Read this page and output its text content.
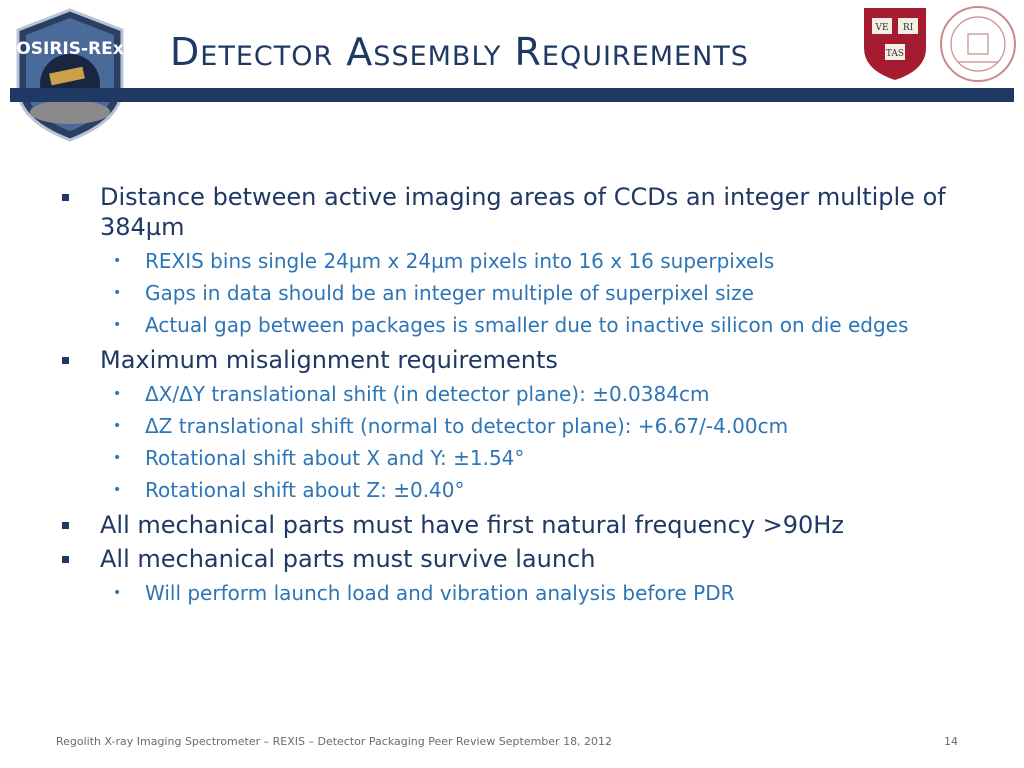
OSIRIS-REx Detector Assembly Requirements
VE RI
TAS
Distance between active imaging areas of CCDs an integer multiple of 384µm
• REXIS bins single 24µm x 24µm pixels into 16 x 16 superpixels
• Gaps in data should be an integer multiple of superpixel size
• Actual gap between packages is smaller due to inactive silicon on die edges
Maximum misalignment requirements
• ΔX/ΔY translational shift (in detector plane): ±0.0384cm
• ΔZ translational shift (normal to detector plane): +6.67/-4.00cm
• Rotational shift about X and Y: ±1.54°
• Rotational shift about Z: ±0.40°
All mechanical parts must have first natural frequency >90Hz
All mechanical parts must survive launch
• Will perform launch load and vibration analysis before PDR
Regolith X-ray Imaging Spectrometer – REXIS – Detector Packaging Peer Review September 18, 2012	14
